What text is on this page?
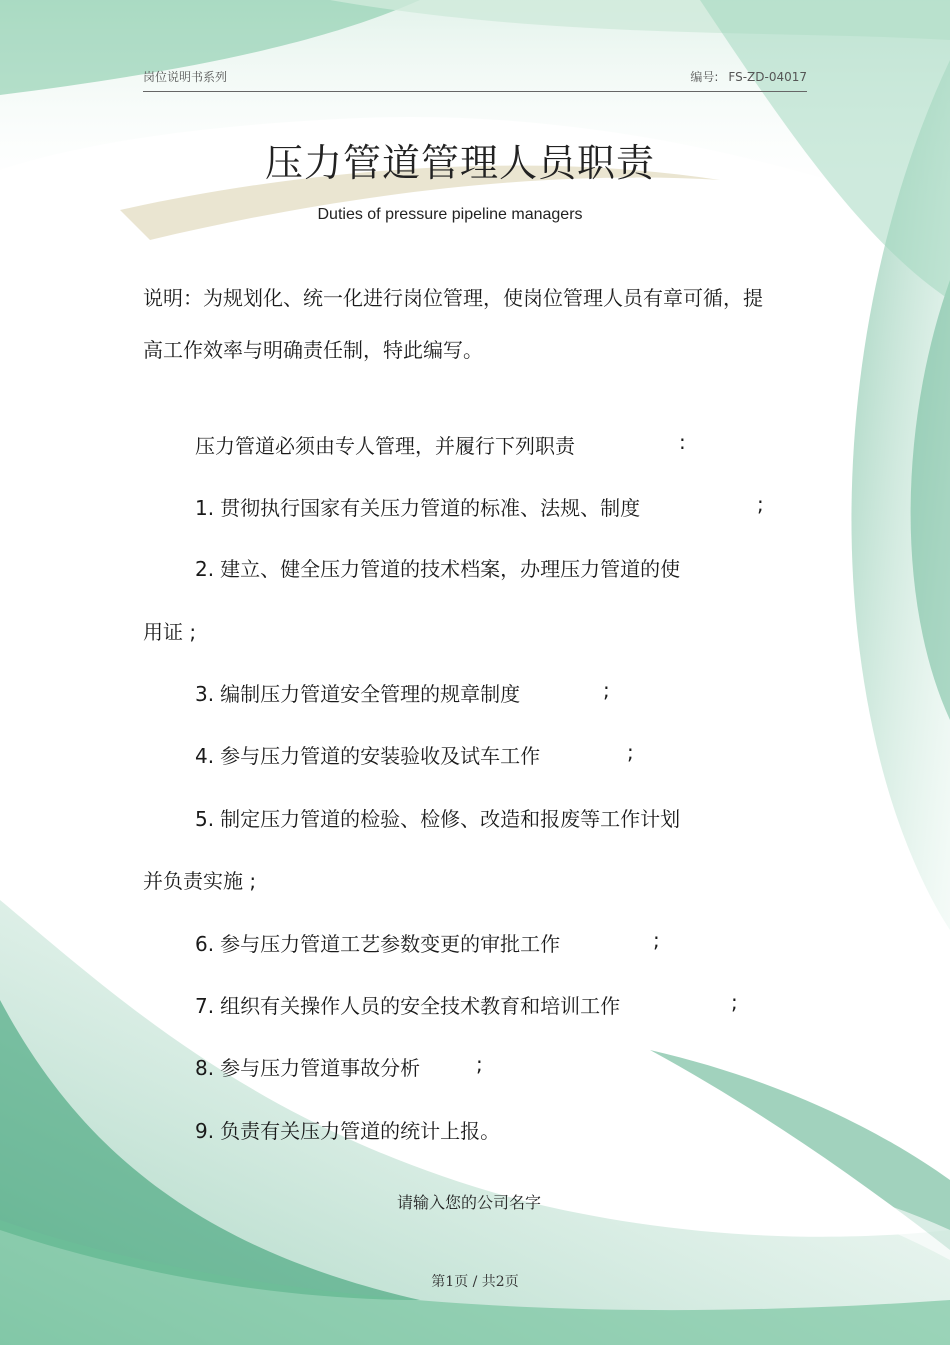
岗位说明书系列	编号: FS-ZD-04017
压力管道管理人员职责
Duties of pressure pipeline managers
说明：为规划化、统一化进行岗位管理，使岗位管理人员有章可循，提高工作效率与明确责任制，特此编写。
压力管道必须由专人管理，并履行下列职责	:
1. 贯彻执行国家有关压力管道的标准、法规、制度	;
2. 建立、健全压力管道的技术档案，办理压力管道的使
用证 ;
3. 编制压力管道安全管理的规章制度	;
4. 参与压力管道的安装验收及试车工作	;
5. 制定压力管道的检验、检修、改造和报废等工作计划
并负责实施 ;
6. 参与压力管道工艺参数变更的审批工作	;
7. 组织有关操作人员的安全技术教育和培训工作	;
8. 参与压力管道事故分析	;
9. 负责有关压力管道的统计上报。
请输入您的公司名字
第1页 / 共2页
